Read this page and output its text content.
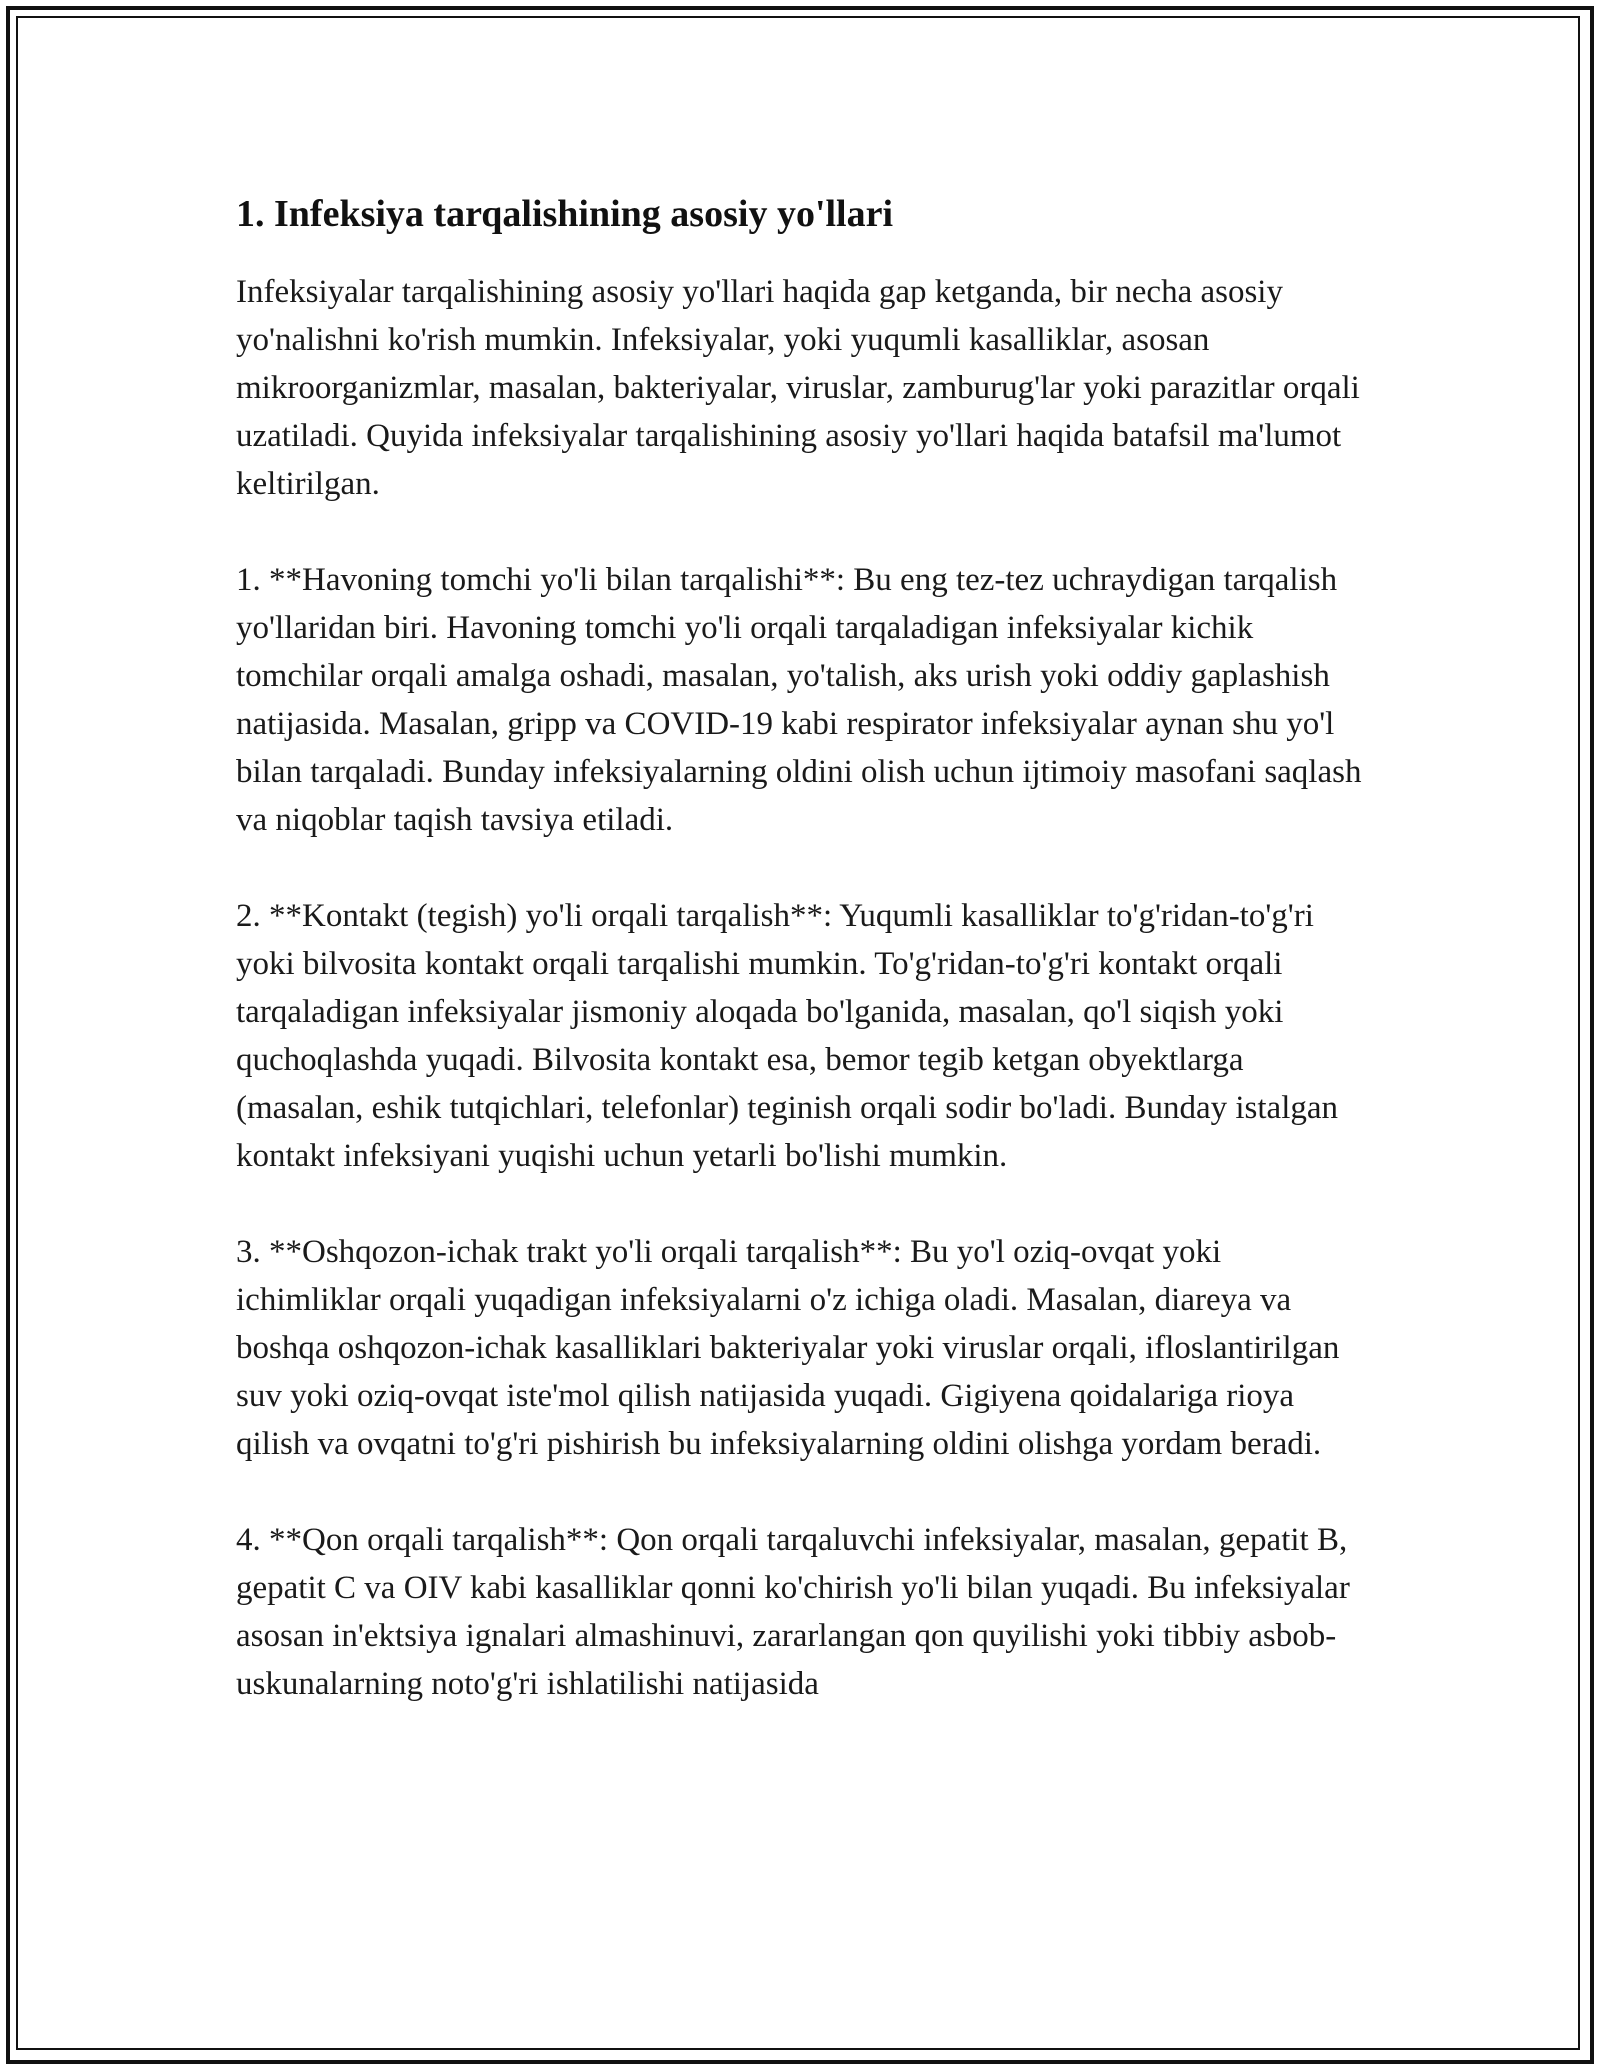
1. Infeksiya tarqalishining asosiy yo'llari

Infeksiyalar tarqalishining asosiy yo'llari haqida gap ketganda, bir necha asosiy yo'nalishni ko'rish mumkin. Infeksiyalar, yoki yuqumli kasalliklar, asosan mikroorganizmlar, masalan, bakteriyalar, viruslar, zamburug'lar yoki parazitlar orqali uzatiladi. Quyida infeksiyalar tarqalishining asosiy yo'llari haqida batafsil ma'lumot keltirilgan.

1. **Havoning tomchi yo'li bilan tarqalishi**: Bu eng tez-tez uchraydigan tarqalish yo'llaridan biri. Havoning tomchi yo'li orqali tarqaladigan infeksiyalar kichik tomchilar orqali amalga oshadi, masalan, yo'talish, aks urish yoki oddiy gaplashish natijasida. Masalan, gripp va COVID-19 kabi respirator infeksiyalar aynan shu yo'l bilan tarqaladi. Bunday infeksiyalarning oldini olish uchun ijtimoiy masofani saqlash va niqoblar taqish tavsiya etiladi.

2. **Kontakt (tegish) yo'li orqali tarqalish**: Yuqumli kasalliklar to'g'ridan-to'g'ri yoki bilvosita kontakt orqali tarqalishi mumkin. To'g'ridan-to'g'ri kontakt orqali tarqaladigan infeksiyalar jismoniy aloqada bo'lganida, masalan, qo'l siqish yoki quchoqlashda yuqadi. Bilvosita kontakt esa, bemor tegib ketgan obyektlarga (masalan, eshik tutqichlari, telefonlar) teginish orqali sodir bo'ladi. Bunday istalgan kontakt infeksiyani yuqishi uchun yetarli bo'lishi mumkin.

3. **Oshqozon-ichak trakt yo'li orqali tarqalish**: Bu yo'l oziq-ovqat yoki ichimliklar orqali yuqadigan infeksiyalarni o'z ichiga oladi. Masalan, diareya va boshqa oshqozon-ichak kasalliklari bakteriyalar yoki viruslar orqali, ifloslantirilgan suv yoki oziq-ovqat iste'mol qilish natijasida yuqadi. Gigiyena qoidalariga rioya qilish va ovqatni to'g'ri pishirish bu infeksiyalarning oldini olishga yordam beradi.

4. **Qon orqali tarqalish**: Qon orqali tarqaluvchi infeksiyalar, masalan, gepatit B, gepatit C va OIV kabi kasalliklar qonni ko'chirish yo'li bilan yuqadi. Bu infeksiyalar asosan in'ektsiya ignalari almashinuvi, zararlangan qon quyilishi yoki tibbiy asbob-uskunalarning noto'g'ri ishlatilishi natijasida
